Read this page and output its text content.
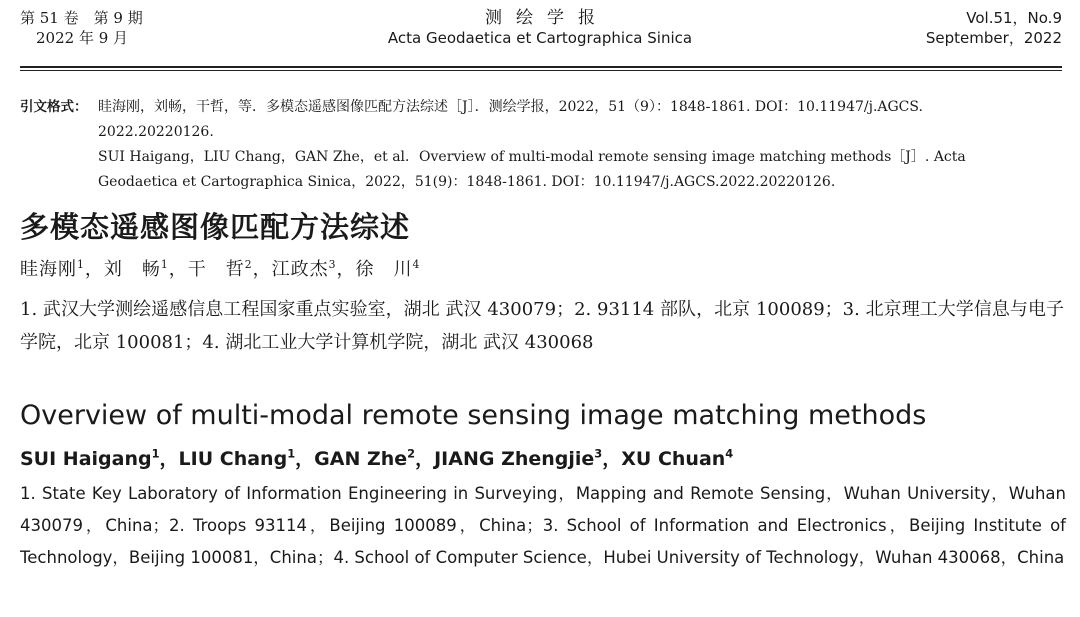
第 51 卷　第 9 期
2022 年 9 月
测绘学报
Acta Geodaetica et Cartographica Sinica
Vol.51，No.9
September，2022
引文格式： 眭海刚，刘畅，干哲，等．多模态遥感图像匹配方法综述［J］．测绘学报，2022，51（9）：1848-1861. DOI：10.11947/j.AGCS.
2022.20220126.
SUI Haigang，LIU Chang，GAN Zhe，et al．Overview of multi-modal remote sensing image matching methods［J］. Acta
Geodaetica et Cartographica Sinica，2022，51(9)：1848-1861. DOI：10.11947/j.AGCS.2022.20220126.
多模态遥感图像匹配方法综述
眭海刚$^1$，刘　畅$^1$，干　哲$^2$，江政杰$^3$，徐　川$^4$
1. 武汉大学测绘遥感信息工程国家重点实验室，湖北 武汉 430079；2. 93114 部队，北京 100089；3. 北京理工大学信息与电子学院，北京 100081；4. 湖北工业大学计算机学院，湖北 武汉 430068
Overview of multi-modal remote sensing image matching methods
SUI Haigang$^1$，LIU Chang$^1$，GAN Zhe$^2$，JIANG Zhengjie$^3$，XU Chuan$^4$
1. State Key Laboratory of Information Engineering in Surveying，Mapping and Remote Sensing，Wuhan University，Wuhan 430079，China；2. Troops 93114，Beijing 100089，China；3. School of Information and Electronics，Beijing Institute of Technology，Beijing 100081，China；4. School of Computer Science，Hubei University of Technology，Wuhan 430068，China
